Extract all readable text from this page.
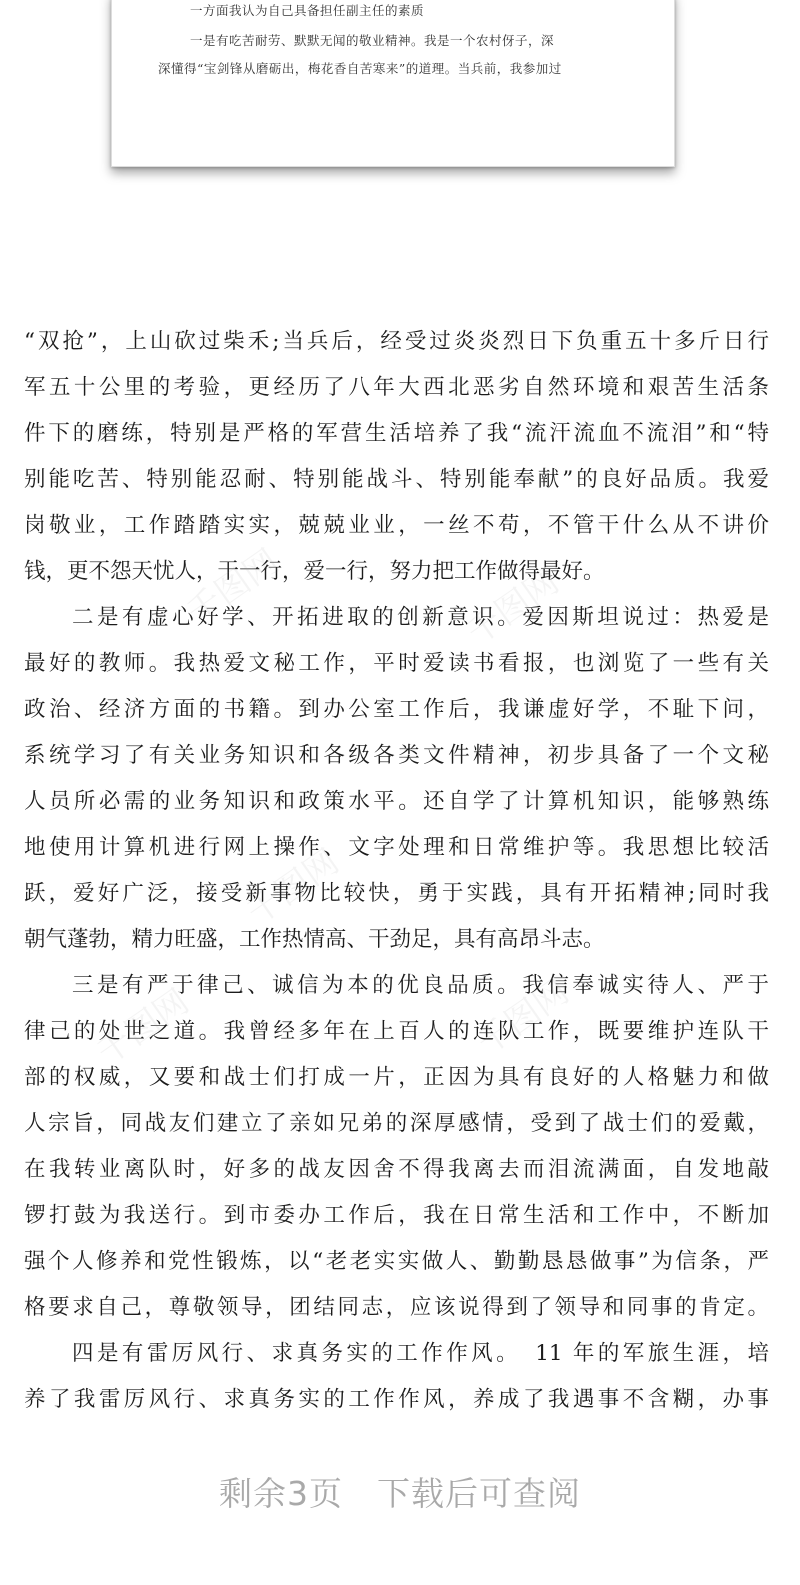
一方面我认为自己具备担任副主任的素质
一是有吃苦耐劳、默默无闻的敬业精神。我是一个农村伢子，深
深懂得“宝剑锋从磨砺出，梅花香自苦寒来”的道理。当兵前，我参加过
“双抢”，上山砍过柴禾;当兵后，经受过炎炎烈日下负重五十多斤日行
军五十公里的考验，更经历了八年大西北恶劣自然环境和艰苦生活条
件下的磨练，特别是严格的军营生活培养了我“流汗流血不流泪”和“特
别能吃苦、特别能忍耐、特别能战斗、特别能奉献”的良好品质。我爱
岗敬业，工作踏踏实实，兢兢业业，一丝不苟，不管干什么从不讲价
钱，更不怨天忧人，干一行，爱一行，努力把工作做得最好。
二是有虚心好学、开拓进取的创新意识。爱因斯坦说过：热爱是
最好的教师。我热爱文秘工作，平时爱读书看报，也浏览了一些有关
政治、经济方面的书籍。到办公室工作后，我谦虚好学，不耻下问，
系统学习了有关业务知识和各级各类文件精神，初步具备了一个文秘
人员所必需的业务知识和政策水平。还自学了计算机知识，能够熟练
地使用计算机进行网上操作、文字处理和日常维护等。我思想比较活
跃，爱好广泛，接受新事物比较快，勇于实践，具有开拓精神;同时我
朝气蓬勃，精力旺盛，工作热情高、干劲足，具有高昂斗志。
三是有严于律己、诚信为本的优良品质。我信奉诚实待人、严于
律己的处世之道。我曾经多年在上百人的连队工作，既要维护连队干
部的权威，又要和战士们打成一片，正因为具有良好的人格魅力和做
人宗旨，同战友们建立了亲如兄弟的深厚感情，受到了战士们的爱戴，
在我转业离队时，好多的战友因舍不得我离去而泪流满面，自发地敲
锣打鼓为我送行。到市委办工作后，我在日常生活和工作中，不断加
强个人修养和党性锻炼，以“老老实实做人、勤勤恳恳做事”为信条，严
格要求自己，尊敬领导，团结同志，应该说得到了领导和同事的肯定。
四是有雷厉风行、求真务实的工作作风。　11 年的军旅生涯，培
养了我雷厉风行、求真务实的工作作风，养成了我遇事不含糊，办事
千图网	千图网
千图网
千图网
千图网
剩余3页 下载后可查阅
